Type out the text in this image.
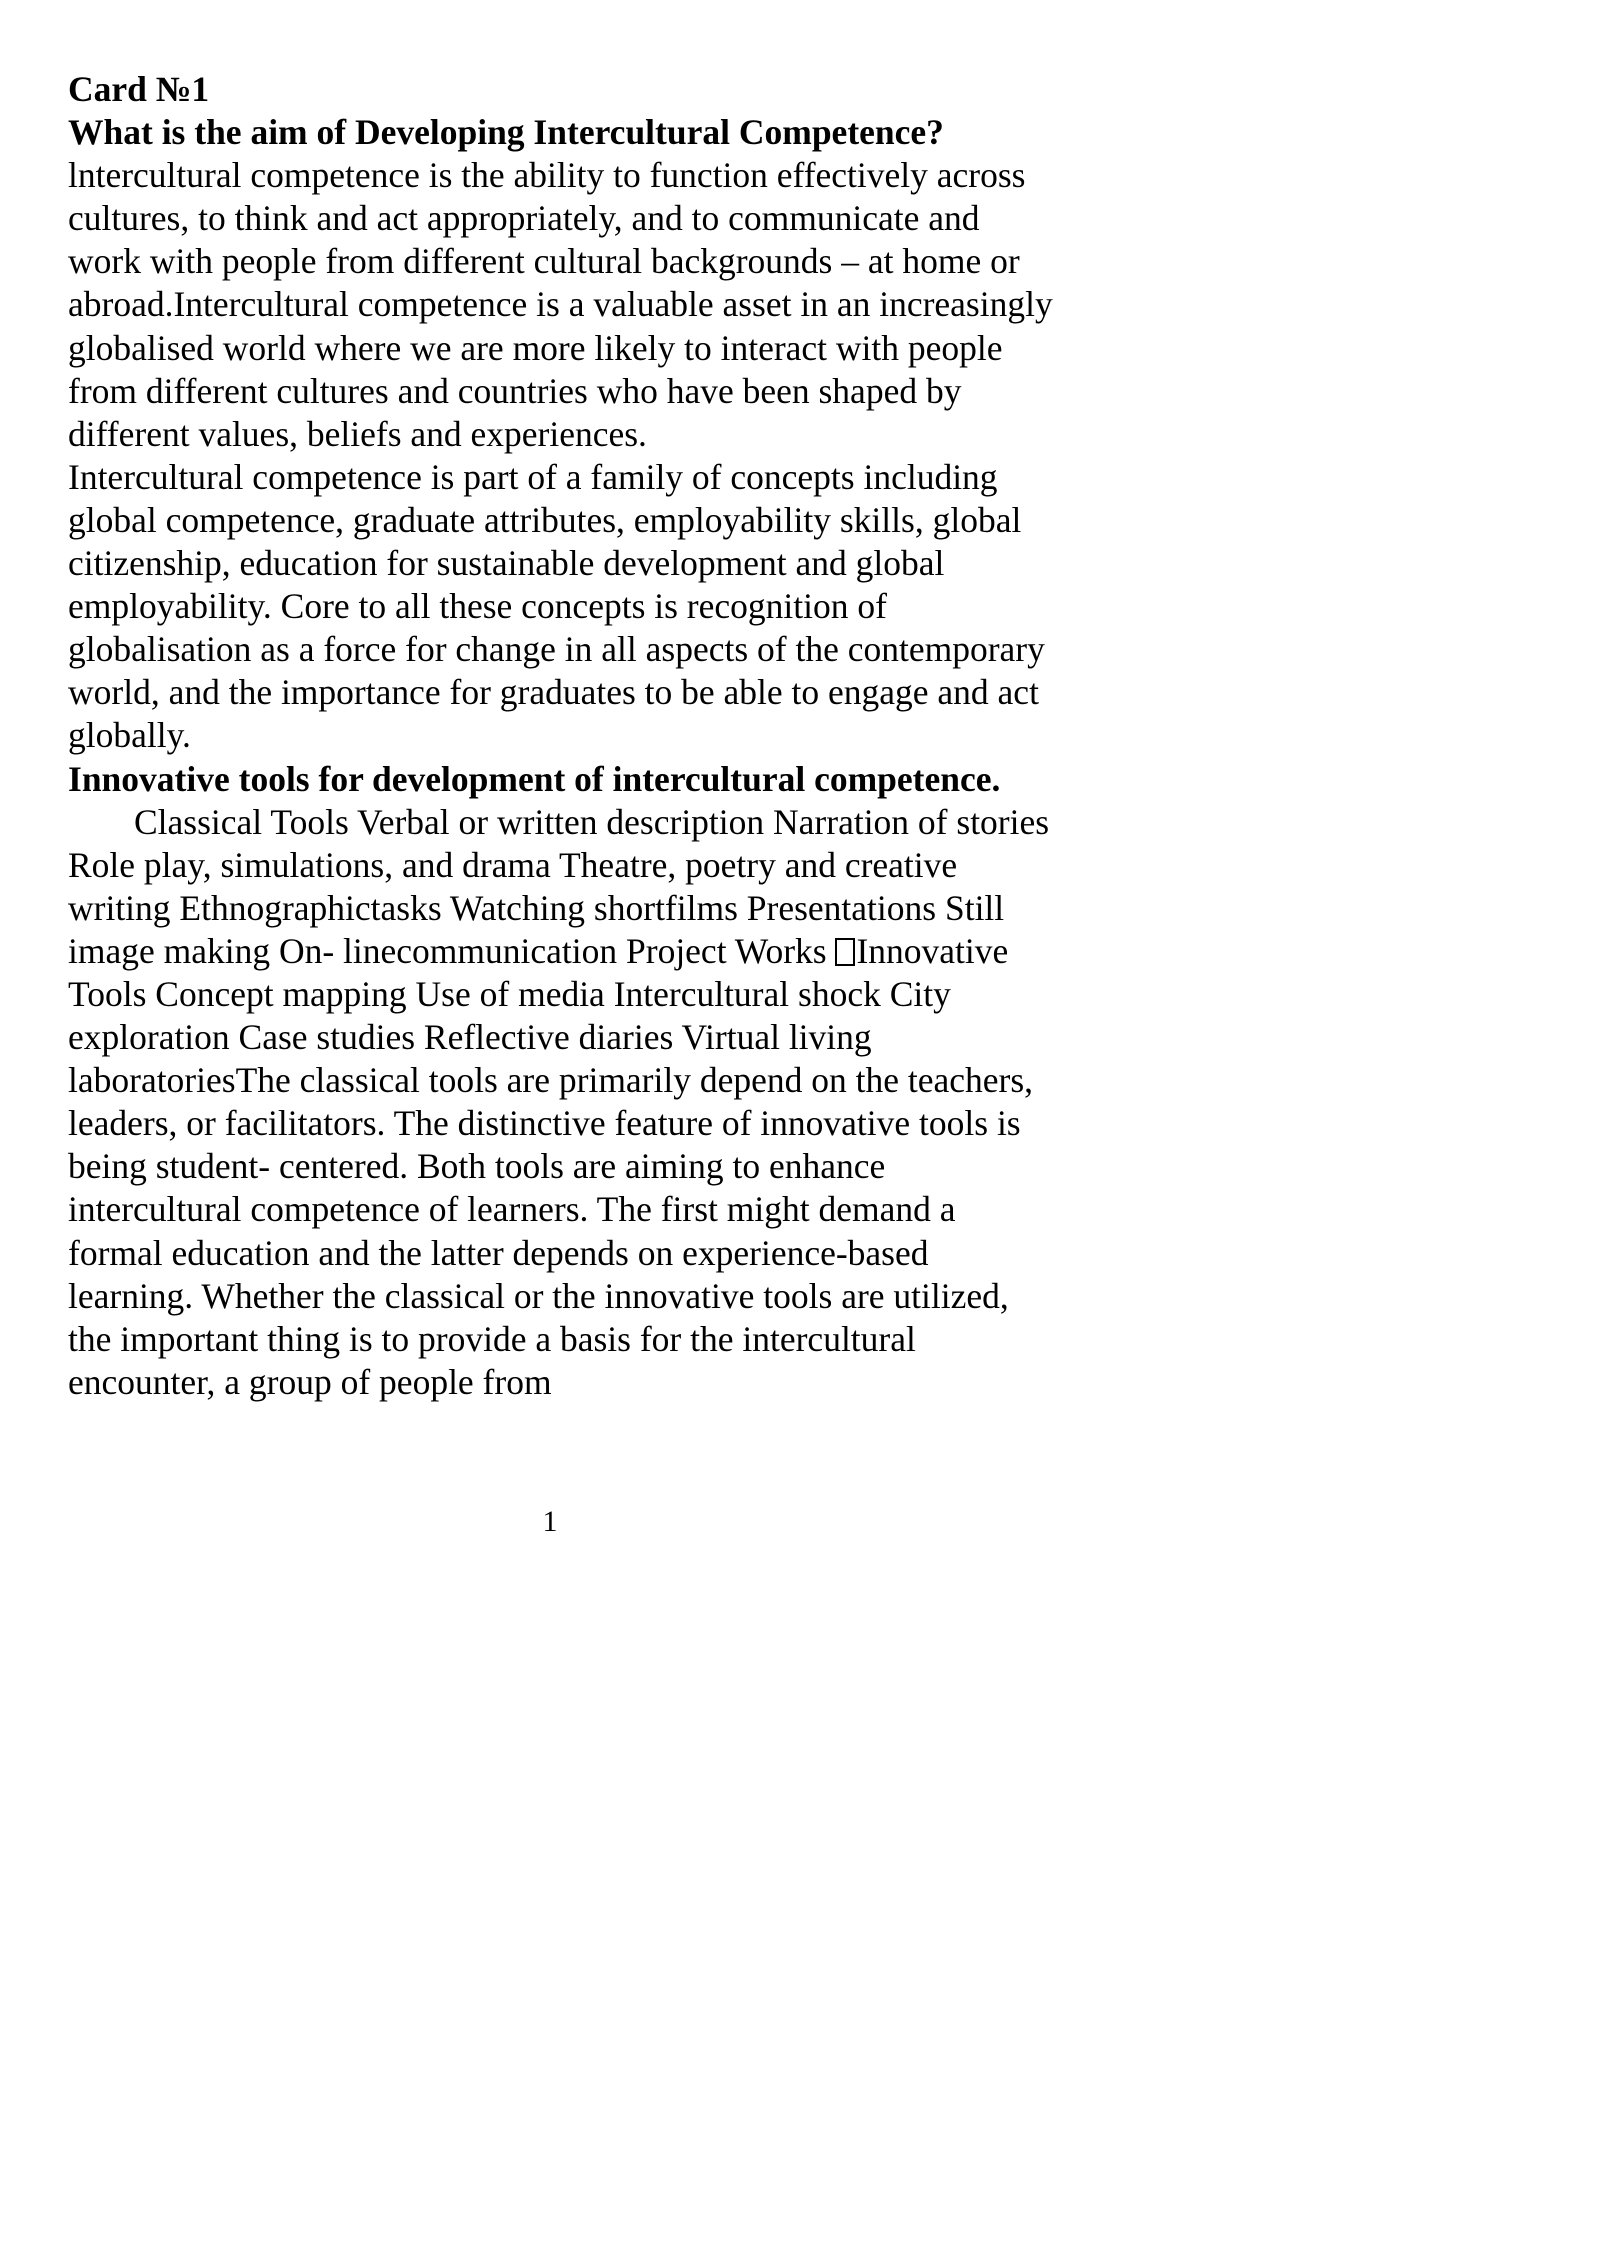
Card №1

What is the aim of Developing Intercultural Competence?

lntercultural competence is the ability to function effectively across cultures, to think and act appropriately, and to communicate and work with people from different cultural backgrounds – at home or abroad.Intercultural competence is a valuable asset in an increasingly globalised world where we are more likely to interact with people from different cultures and countries who have been shaped by different values, beliefs and experiences.

Intercultural competence is part of a family of concepts including global competence, graduate attributes, employability skills, global citizenship, education for sustainable development and global employability. Core to all these concepts is recognition of globalisation as a force for change in all aspects of the contemporary world, and the importance for graduates to be able to engage and act globally.

Innovative tools for development of intercultural competence.

Classical Tools Verbal or written description Narration of stories Role play, simulations, and drama Theatre, poetry and creative writing Ethnographictasks Watching shortfilms Presentations Still image making On- linecommunication Project Works Innovative Tools Concept mapping Use of media Intercultural shock City exploration Case studies Reflective diaries Virtual living laboratoriesThe classical tools are primarily depend on the teachers, leaders, or facilitators. The distinctive feature of innovative tools is being student- centered. Both tools are aiming to enhance intercultural competence of learners. The first might demand a formal education and the latter depends on experience-based learning. Whether the classical or the innovative tools are utilized, the important thing is to provide a basis for the intercultural encounter, a group of people from

1
